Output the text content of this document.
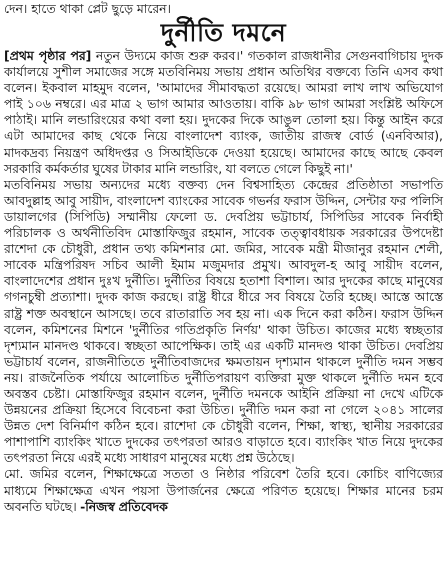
দেন। হাতে থাকা প্লেট ছুড়ে মারেন।
দুর্নীতি দমনে

[প্রথম পৃষ্ঠার পর] নতুন উদ্যমে কাজ শুরু করব।' গতকাল রাজধানীর সেগুনবাগিচায় দুদক কার্যালয়ে সুশীল সমাজের সঙ্গে মতবিনিময় সভায় প্রধান অতিথির বক্তব্যে তিনি এসব কথা বলেন। ইকবাল মাহমুদ বলেন, 'আমাদের সীমাবদ্ধতা রয়েছে। আমরা লাখ লাখ অভিযোগ পাই ১০৬ নম্বরে। এর মাত্র ২ ভাগ আমার আওতায়। বাকি ৯৮ ভাগ আমরা সংশ্লিষ্ট অফিসে পাঠাই। মানি লন্ডারিংয়ের কথা বলা হয়। দুদকের দিকে আঙুল তোলা হয়। কিন্তু আইন করে এটা আমাদের কাছ থেকে নিয়ে বাংলাদেশ ব্যাংক, জাতীয় রাজস্ব বোর্ড (এনবিআর), মাদকদ্রব্য নিয়ন্ত্রণ অধিদপ্তর ও সিআইডিকে দেওয়া হয়েছে। আমাদের কাছে আছে কেবল সরকারি কর্মকর্তার ঘুষের টাকার মানি লন্ডারিং, যা বলতে গেলে কিছুই না।'

মতবিনিময় সভায় অন্যদের মধ্যে বক্তব্য দেন বিশ্বসাহিত্য কেন্দ্রের প্রতিষ্ঠাতা সভাপতি আবদুল্লাহ আবু সায়ীদ, বাংলাদেশ ব্যাংকের সাবেক গভর্নর ফরাস উদ্দিন, সেন্টার ফর পলিসি ডায়ালগের (সিপিডি) সম্মানীয় ফেলো ড. দেবপ্রিয় ভট্টাচার্য, সিপিডির সাবেক নির্বাহী পরিচালক ও অর্থনীতিবিদ মোস্তাফিজুর রহমান, সাবেক তত্ত্বাবধায়ক সরকারের উপদেষ্টা রাশেদা কে চৌধুরী, প্রধান তথ্য কমিশনার মো. জমির, সাবেক মন্ত্রী মীজানুর রহমান শেলী, সাবেক মন্ত্রিপরিষদ সচিব আলী ইমাম মজুমদার প্রমুখ। আবদুল-হ আবু সায়ীদ বলেন, বাংলাদেশের প্রধান দুঃখ দুর্নীতি। দুর্নীতির বিষয়ে হতাশা বিশাল। আর দুদকের কাছে মানুষের গগনচুম্বী প্রত্যাশা। দুদক কাজ করছে। রাষ্ট্র ধীরে ধীরে সব বিষয়ে তৈরি হচ্ছে। আস্তে আস্তে রাষ্ট্র শক্ত অবস্থানে আসছে। তবে রাতারাতি সব হয় না। এক দিনে করা কঠিন। ফরাস উদ্দিন বলেন, কমিশনের মিশনে 'দুর্নীতির গতিপ্রকৃতি নির্ণয়' থাকা উচিত। কাজের মধ্যে স্বচ্ছতার দৃশ্যমান মানদণ্ড থাকবে। স্বচ্ছতা আপেক্ষিক। তাই এর একটি মানদণ্ড থাকা উচিত। দেবপ্রিয় ভট্টাচার্য বলেন, রাজনীতিতে দুর্নীতিবাজদের ক্ষমতায়ন দৃশ্যমান থাকলে দুর্নীতি দমন সম্ভব নয়। রাজনৈতিক পর্যায়ে আলোচিত দুর্নীতিপরায়ণ ব্যক্তিরা মুক্ত থাকলে দুর্নীতি দমন হবে অবস্তব চেষ্টা। মোস্তাফিজুর রহমান বলেন, দুর্নীতি দমনকে আইনি প্রক্রিয়া না দেখে এটিকে উন্নয়নের প্রক্রিয়া হিসেবে বিবেচনা করা উচিত। দুর্নীতি দমন করা না গেলে ২০৪১ সালের উন্নত দেশ বিনির্মাণ কঠিন হবে। রাশেদা কে চৌধুরী বলেন, শিক্ষা, স্বাস্থ্য, স্থানীয় সরকারের পাশাপাশি ব্যাংকিং খাতে দুদকের তৎপরতা আরও বাড়াতে হবে। ব্যাংকিং খাত নিয়ে দুদকের তৎপরতা নিয়ে এরই মধ্যে সাধারণ মানুষের মধ্যে প্রশ্ন উঠেছে।

মো. জমির বলেন, শিক্ষাক্ষেত্রে সততা ও নিষ্ঠার পরিবেশ তৈরি হবে। কোচিং বাণিজ্যের মাধ্যমে শিক্ষাক্ষেত্র এখন পয়সা উপার্জনের ক্ষেত্রে পরিণত হয়েছে। শিক্ষার মানের চরম অবনতি ঘটছে। -নিজস্ব প্রতিবেদক
